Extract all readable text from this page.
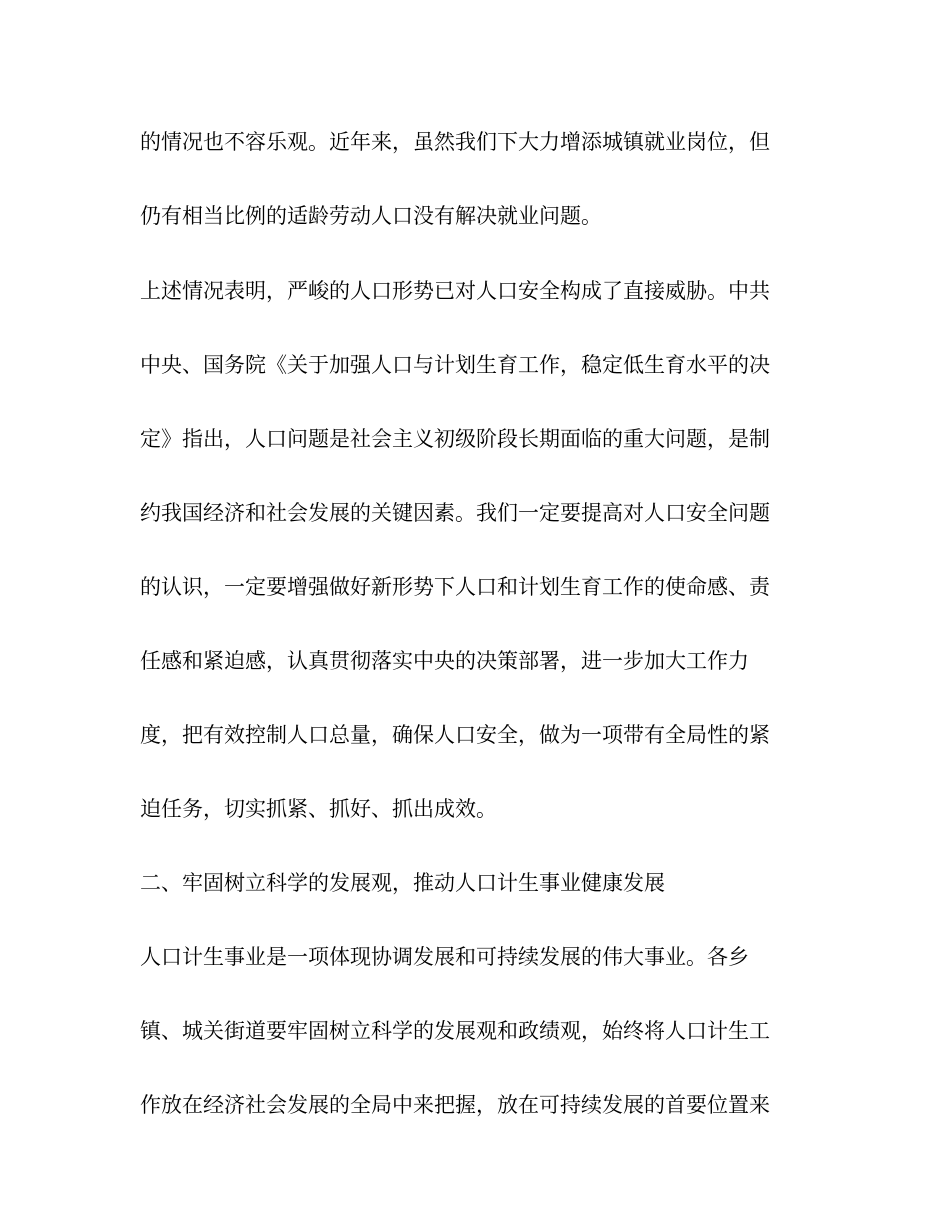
的情况也不容乐观。近年来，虽然我们下大力增添城镇就业岗位，但
仍有相当比例的适龄劳动人口没有解决就业问题。
上述情况表明，严峻的人口形势已对人口安全构成了直接威胁。中共
中央、国务院《关于加强人口与计划生育工作，稳定低生育水平的决
定》指出，人口问题是社会主义初级阶段长期面临的重大问题，是制
约我国经济和社会发展的关键因素。我们一定要提高对人口安全问题
的认识，一定要增强做好新形势下人口和计划生育工作的使命感、责
任感和紧迫感，认真贯彻落实中央的决策部署，进一步加大工作力
度，把有效控制人口总量，确保人口安全，做为一项带有全局性的紧
迫任务，切实抓紧、抓好、抓出成效。
二、牢固树立科学的发展观，推动人口计生事业健康发展
人口计生事业是一项体现协调发展和可持续发展的伟大事业。各乡
镇、城关街道要牢固树立科学的发展观和政绩观，始终将人口计生工
作放在经济社会发展的全局中来把握，放在可持续发展的首要位置来
